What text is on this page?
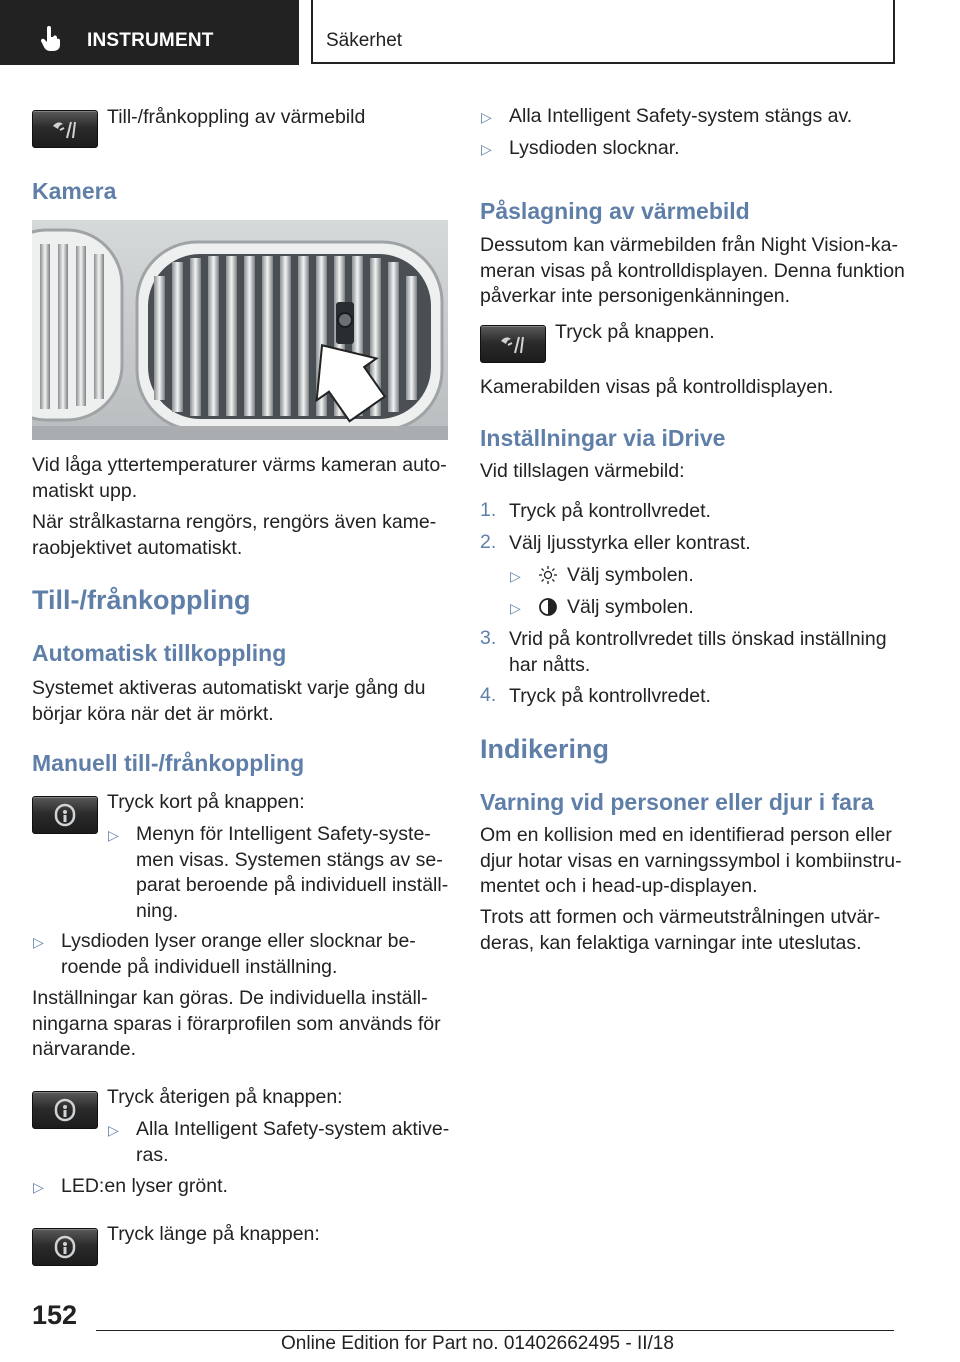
INSTRUMENT	Säkerhet
Till-/frånkoppling av värmebild
Kamera
Vid låga yttertemperaturer värms kameran auto-
matiskt upp.
När strålkastarna rengörs, rengörs även kame-
raobjektivet automatiskt.
Till-/frånkoppling
Automatisk tillkoppling
Systemet aktiveras automatiskt varje gång du
börjar köra när det är mörkt.
Manuell till-/frånkoppling
Tryck kort på knappen:
▷ Menyn för Intelligent Safety-syste-
men visas. Systemen stängs av se-
parat beroende på individuell inställ-
ning.
▷ Lysdioden lyser orange eller slocknar be-
roende på individuell inställning.
Inställningar kan göras. De individuella inställ-
ningarna sparas i förarprofilen som används för
närvarande.
Tryck återigen på knappen:
▷ Alla Intelligent Safety-system aktive-
ras.
▷ LED:en lyser grönt.
Tryck länge på knappen:
▷ Alla Intelligent Safety-system stängs av.
▷ Lysdioden slocknar.
Påslagning av värmebild
Dessutom kan värmebilden från Night Vision-ka-
meran visas på kontrolldisplayen. Denna funktion
påverkar inte personigenkänningen.
Tryck på knappen.
Kamerabilden visas på kontrolldisplayen.
Inställningar via iDrive
Vid tillslagen värmebild:
1. Tryck på kontrollvredet.
2. Välj ljusstyrka eller kontrast.
▷ Välj symbolen.
▷ Välj symbolen.
3. Vrid på kontrollvredet tills önskad inställning
har nåtts.
4. Tryck på kontrollvredet.
Indikering
Varning vid personer eller djur i fara
Om en kollision med en identifierad person eller
djur hotar visas en varningssymbol i kombiinstru-
mentet och i head-up-displayen.
Trots att formen och värmeutstrålningen utvär-
deras, kan felaktiga varningar inte uteslutas.
152
Online Edition for Part no. 01402662495 - II/18
